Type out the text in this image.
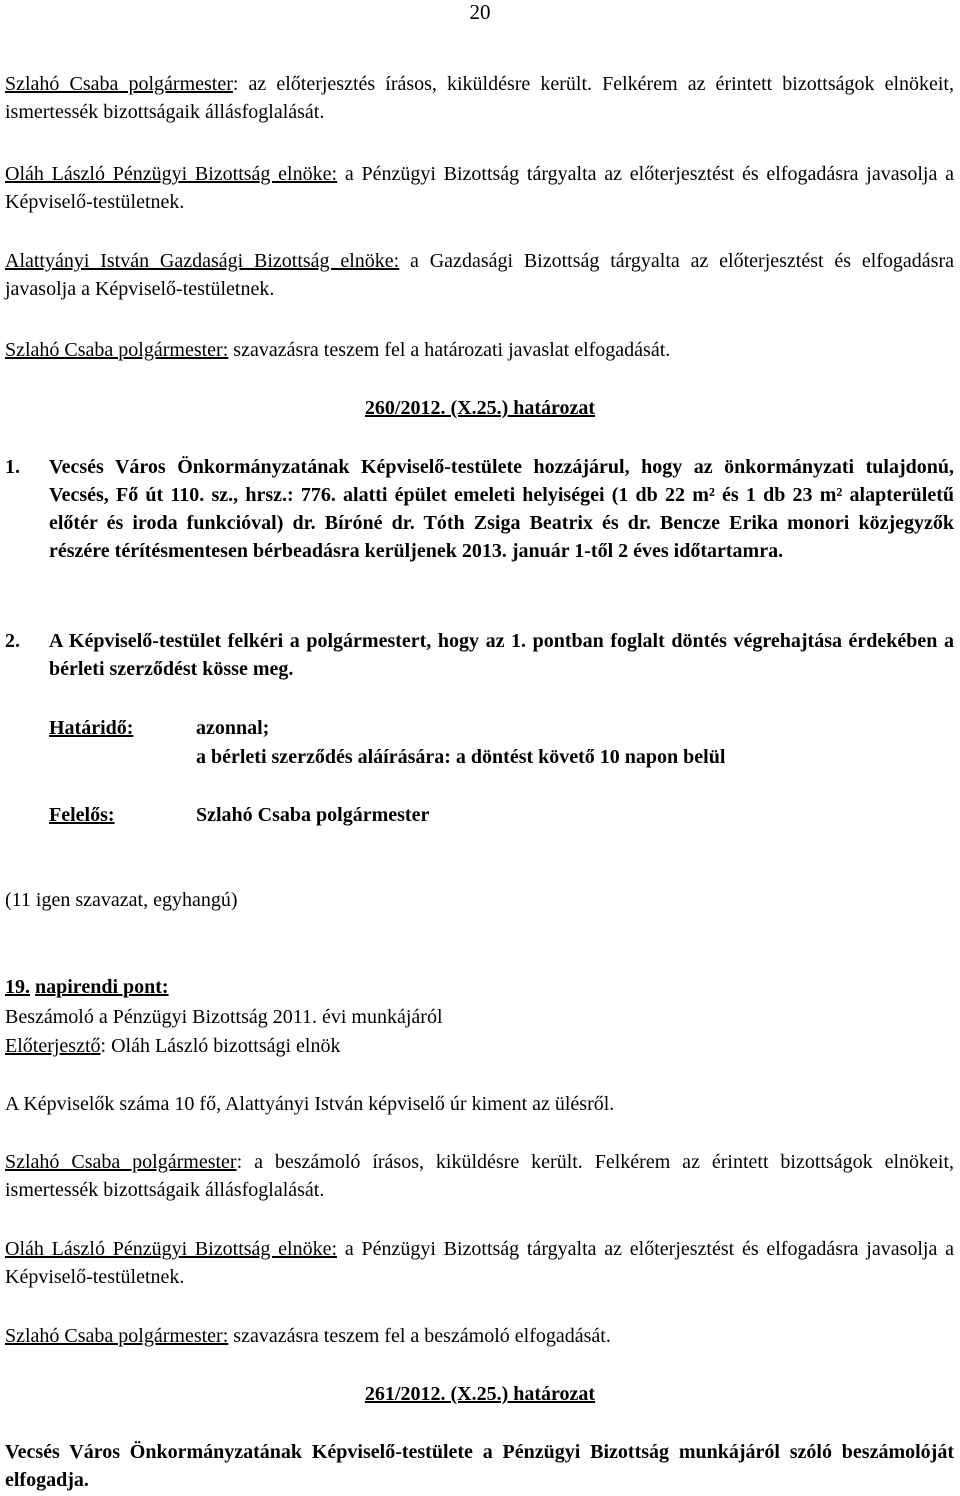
20

Szlahó Csaba polgármester: az előterjesztés írásos, kiküldésre került. Felkérem az érintett bizottságok elnökeit, ismertessék bizottságaik állásfoglalását.

Oláh László Pénzügyi Bizottság elnöke: a Pénzügyi Bizottság tárgyalta az előterjesztést és elfogadásra javasolja a Képviselő-testületnek.

Alattyányi István Gazdasági Bizottság elnöke: a Gazdasági Bizottság tárgyalta az előterjesztést és elfogadásra javasolja a Képviselő-testületnek.

Szlahó Csaba polgármester: szavazásra teszem fel a határozati javaslat elfogadását.

260/2012. (X.25.) határozat
1. Vecsés Város Önkormányzatának Képviselő-testülete hozzájárul, hogy az önkormányzati tulajdonú, Vecsés, Fő út 110. sz., hrsz.: 776. alatti épület emeleti helyiségei (1 db 22 m² és 1 db 23 m² alapterületű előtér és iroda funkcióval) dr. Bíróné dr. Tóth Zsiga Beatrix és dr. Bencze Erika monori közjegyzők részére térítésmentesen bérbeadásra kerüljenek 2013. január 1-től 2 éves időtartamra.
2. A Képviselő-testület felkéri a polgármestert, hogy az 1. pontban foglalt döntés végrehajtása érdekében a bérleti szerződést kösse meg.
Határidő:	azonnal;
a bérleti szerződés aláírására: a döntést követő 10 napon belül
Felelős:	Szlahó Csaba polgármester
(11 igen szavazat, egyhangú)
19. napirendi pont:
Beszámoló a Pénzügyi Bizottság 2011. évi munkájáról
Előterjesztő: Oláh László bizottsági elnök
A Képviselők száma 10 fő, Alattyányi István képviselő úr kiment az ülésről.

Szlahó Csaba polgármester: a beszámoló írásos, kiküldésre került. Felkérem az érintett bizottságok elnökeit, ismertessék bizottságaik állásfoglalását.

Oláh László Pénzügyi Bizottság elnöke: a Pénzügyi Bizottság tárgyalta az előterjesztést és elfogadásra javasolja a Képviselő-testületnek.

Szlahó Csaba polgármester: szavazásra teszem fel a beszámoló elfogadását.

261/2012. (X.25.) határozat

Vecsés Város Önkormányzatának Képviselő-testülete a Pénzügyi Bizottság munkájáról szóló beszámolóját elfogadja.
